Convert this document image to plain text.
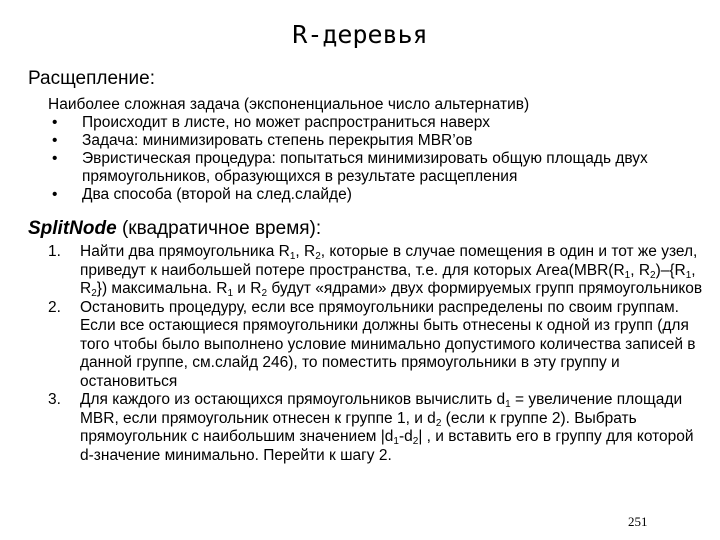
R-деревья
Расщепление:
Наиболее сложная задача (экспоненциальное число альтернатив)
• Происходит в листе, но может распространиться наверх
• Задача: минимизировать степень перекрытия MBR’ов
• Эвристическая процедура: попытаться минимизировать общую площадь двух прямоугольников, образующихся в результате расщепления
• Два способа (второй на след.слайде)
SplitNode (квадратичное время):
1. Найти два прямоугольника $R_1$, $R_2$, которые в случае помещения в один и тот же узел, приведут к наибольшей потере пространства, т.е. для которых $Area(MBR(R_1$, $R_2)-\{R_1$, $R_2$}) максимальна. $R_1$ и $R_2$ будут «ядрами» двух формируемых групп прямоугольников
2. Остановить процедуру, если все прямоугольники распределены по своим группам. Если все остающиеся прямоугольники должны быть отнесены к одной из групп (для того чтобы было выполнено условие минимально допустимого количества записей в данной группе, см.слайд 246), то поместить прямоугольники в эту группу и остановиться
3. Для каждого из остающихся прямоугольников вычислить $d_1$ = увеличение площади MBR, если прямоугольник отнесен к группе 1, и $d_2$ (если к группе 2). Выбрать прямоугольник с наибольшим значением $|d_1-d_2|$ , и вставить его в группу для которой d-значение минимально. Перейти к шагу 2.
251
